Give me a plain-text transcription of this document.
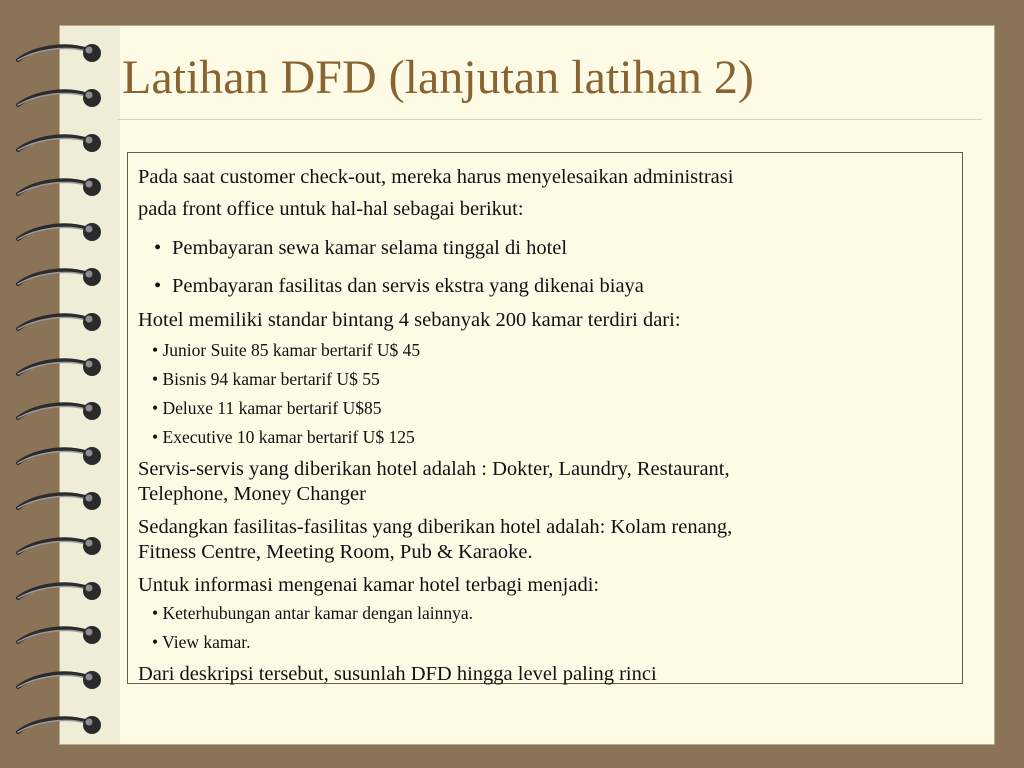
Latihan DFD (lanjutan latihan 2)

Pada saat customer check-out, mereka harus menyelesaikan administrasi

pada front office untuk hal-hal sebagai berikut:

• Pembayaran sewa kamar selama tinggal di hotel
• Pembayaran fasilitas dan servis ekstra yang dikenai biaya

Hotel memiliki standar bintang 4 sebanyak 200 kamar terdiri dari:

• Junior Suite 85 kamar bertarif U$ 45
• Bisnis 94 kamar bertarif U$ 55
• Deluxe 11 kamar bertarif U$85
• Executive 10 kamar bertarif U$ 125

Servis-servis yang diberikan hotel adalah : Dokter, Laundry, Restaurant,

Telephone, Money Changer

Sedangkan fasilitas-fasilitas yang diberikan hotel adalah: Kolam renang,

Fitness Centre, Meeting Room, Pub & Karaoke.

Untuk informasi mengenai kamar hotel terbagi menjadi:

• Keterhubungan antar kamar dengan lainnya.
• View kamar.

Dari deskripsi tersebut, susunlah DFD hingga level paling rinci
